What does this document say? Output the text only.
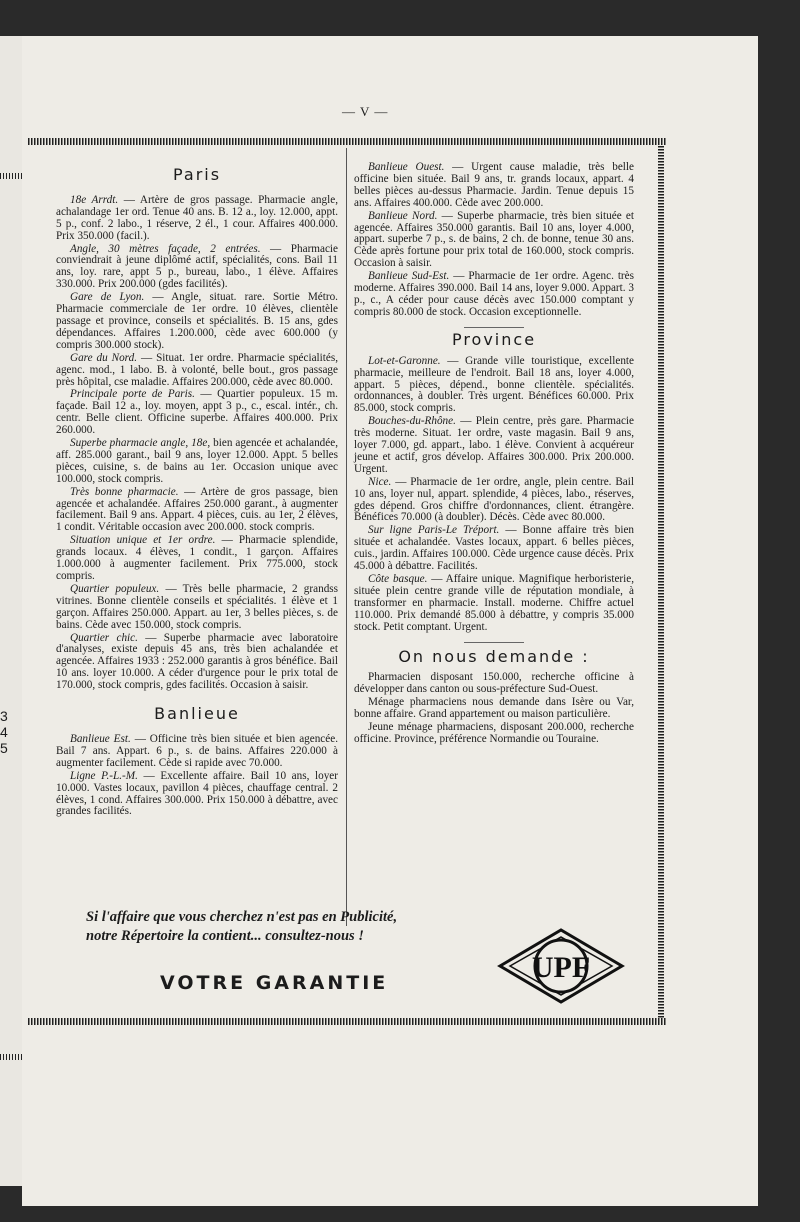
3
4
5
— V —
Paris

18e Arrdt. — Artère de gros passage. Pharmacie angle, achalandage 1er ord. Tenue 40 ans. B. 12 a., loy. 12.000, appt. 5 p., conf. 2 labo., 1 réserve, 2 él., 1 cour. Affaires 400.000. Prix 350.000 (facil.).

Angle, 30 mètres façade, 2 entrées. — Pharmacie conviendrait à jeune diplômé actif, spécialités, cons. Bail 11 ans, loy. rare, appt 5 p., bureau, labo., 1 élève. Affaires 330.000. Prix 200.000 (gdes facilités).

Gare de Lyon. — Angle, situat. rare. Sortie Métro. Pharmacie commerciale de 1er ordre. 10 élèves, clientèle passage et province, conseils et spécialités. B. 15 ans, gdes dépendances. Affaires 1.200.000, cède avec 600.000 (y compris 300.000 stock).

Gare du Nord. — Situat. 1er ordre. Pharmacie spécialités, agenc. mod., 1 labo. B. à volonté, belle bout., gros passage près hôpital, cse maladie. Affaires 200.000, cède avec 80.000.

Principale porte de Paris. — Quartier populeux. 15 m. façade. Bail 12 a., loy. moyen, appt 3 p., c., escal. intér., ch. centr. Belle client. Officine superbe. Affaires 400.000. Prix 260.000.

Superbe pharmacie angle, 18e, bien agencée et achalandée, aff. 285.000 garant., bail 9 ans, loyer 12.000. Appt. 5 belles pièces, cuisine, s. de bains au 1er. Occasion unique avec 100.000, stock compris.

Très bonne pharmacie. — Artère de gros passage, bien agencée et achalandée. Affaires 250.000 garant., à augmenter facilement. Bail 9 ans. Appart. 4 pièces, cuis. au 1er, 2 élèves, 1 condit. Véritable occasion avec 200.000. stock compris.

Situation unique et 1er ordre. — Pharmacie splendide, grands locaux. 4 élèves, 1 condit., 1 garçon. Affaires 1.000.000 à augmenter facilement. Prix 775.000, stock compris.

Quartier populeux. — Très belle pharmacie, 2 grandss vitrines. Bonne clientèle conseils et spécialités. 1 élève et 1 garçon. Affaires 250.000. Appart. au 1er, 3 belles pièces, s. de bains. Cède avec 150.000, stock compris.

Quartier chic. — Superbe pharmacie avec laboratoire d'analyses, existe depuis 45 ans, très bien achalandée et agencée. Affaires 1933 : 252.000 garantis à gros bénéfice. Bail 10 ans. loyer 10.000. A céder d'urgence pour le prix total de 170.000, stock compris, gdes facilités. Occasion à saisir.

Banlieue

Banlieue Est. — Officine très bien située et bien agencée. Bail 7 ans. Appart. 6 p., s. de bains. Affaires 220.000 à augmenter facilement. Cède si rapide avec 70.000.

Ligne P.-L.-M. — Excellente affaire. Bail 10 ans, loyer 10.000. Vastes locaux, pavillon 4 pièces, chauffage central. 2 élèves, 1 cond. Affaires 300.000. Prix 150.000 à débattre, avec grandes facilités.

Banlieue Ouest. — Urgent cause maladie, très belle officine bien située. Bail 9 ans, tr. grands locaux, appart. 4 belles pièces au-dessus Pharmacie. Jardin. Tenue depuis 15 ans. Affaires 400.000. Cède avec 200.000.

Banlieue Nord. — Superbe pharmacie, très bien située et agencée. Affaires 350.000 garantis. Bail 10 ans, loyer 4.000, appart. superbe 7 p., s. de bains, 2 ch. de bonne, tenue 30 ans. Cède après fortune pour prix total de 160.000, stock compris. Occasion à saisir.

Banlieue Sud-Est. — Pharmacie de 1er ordre. Agenc. très moderne. Affaires 390.000. Bail 14 ans, loyer 9.000. Appart. 3 p., c., A céder pour cause décès avec 150.000 comptant y compris 80.000 de stock. Occasion exceptionnelle.

Province

Lot-et-Garonne. — Grande ville touristique, excellente pharmacie, meilleure de l'endroit. Bail 18 ans, loyer 4.000, appart. 5 pièces, dépend., bonne clientèle. spécialités. ordonnances, à doubler. Très urgent. Bénéfices 60.000. Prix 85.000, stock compris.

Bouches-du-Rhône. — Plein centre, près gare. Pharmacie très moderne. Situat. 1er ordre, vaste magasin. Bail 9 ans, loyer 7.000, gd. appart., labo. 1 élève. Convient à acquéreur jeune et actif, gros dévelop. Affaires 300.000. Prix 200.000. Urgent.

Nice. — Pharmacie de 1er ordre, angle, plein centre. Bail 10 ans, loyer nul, appart. splendide, 4 pièces, labo., réserves, gdes dépend. Gros chiffre d'ordonnances, client. étrangère. Bénéfices 70.000 (à doubler). Décès. Cède avec 80.000.

Sur ligne Paris-Le Tréport. — Bonne affaire très bien située et achalandée. Vastes locaux, appart. 6 belles pièces, cuis., jardin. Affaires 100.000. Cède urgence cause décès. Prix 45.000 à débattre. Facilités.

Côte basque. — Affaire unique. Magnifique herboristerie, située plein centre grande ville de réputation mondiale, à transformer en pharmacie. Install. moderne. Chiffre actuel 110.000. Prix demandé 85.000 à débattre, y compris 35.000 stock. Petit comptant. Urgent.

On nous demande :

Pharmacien disposant 150.000, recherche officine à développer dans canton ou sous-préfecture Sud-Ouest.

Ménage pharmaciens nous demande dans Isère ou Var, bonne affaire. Grand appartement ou maison particulière.

Jeune ménage pharmaciens, disposant 200.000, recherche officine. Province, préférence Normandie ou Touraine.

Si l'affaire que vous cherchez n'est pas en Publicité,
notre Répertoire la contient... consultez-nous !
VOTRE GARANTIE	UPF
